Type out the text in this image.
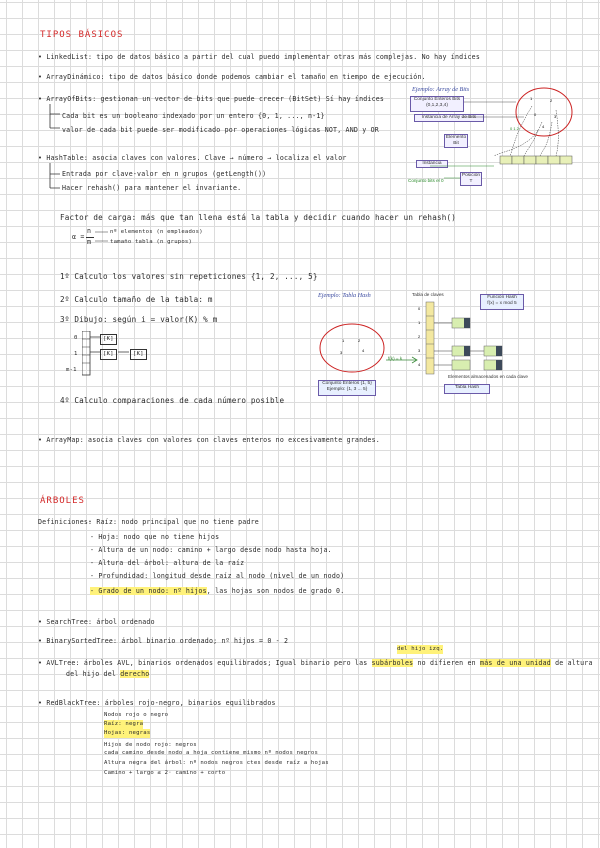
TIPOS BÁSICOS
• LinkedList: tipo de datos básico a partir del cual puedo implementar otras más complejas. No hay índices
• ArrayDinámico: tipo de datos básico donde podemos cambiar el tamaño en tiempo de ejecución.
• ArrayOfBits: gestionan un vector de bits que puede crecer (BitSet) Sí hay índices
Cada bit es un booleano indexado por un entero {0, 1, ..., n-1}
valor de cada bit puede ser modificado por operaciones lógicas NOT, AND y OR
• HashTable: asocia claves con valores. Clave → número → localiza el valor
Entrada por clave-valor en n grupos (getLength())
Hacer rehash() para mantener el invariante.
Factor de carga: más que tan llena está la tabla y decidir cuando hacer un rehash()
α =
n
m
nº elementos (n empleados)
tamaño tabla (n grupos)
1º Calculo los valores sin repeticiones {1, 2, ..., 5}
2º Calculo tamaño de la tabla: m
3º Dibujo: según i = valor(K) % m
0
1
m-1
[K]
[K]	[K]
4º Calculo comparaciones de cada número posible
• ArrayMap: asocia claves con valores con claves enteros no excesivamente grandes.
Ejemplo: Array de Bits
Conjunto Enteros Bits (0,1,2,3,4)
Instancia de Array de Bits
Elemento Bit
Instancia
Posición T
Conjunto bits el 0
1	2
0	3
4
0 1 2
Ejemplo: Tabla Hash	Tabla de claves
Función Hash
f(x) = x mod 5
f(k) = k
Conjunto Enteros {1, 5}
Ejemplo: {1, 3 ... 5}
Elementos almacenados en cada clave
Tabla Hash
1	2
3	4
0
1
2
3
4
ÁRBOLES
Definiciones:
- Raíz: nodo principal que no tiene padre
- Hoja: nodo que no tiene hijos
- Altura de un nodo: camino + largo desde nodo hasta hoja.
- Altura del árbol: altura de la raíz
- Profundidad: longitud desde raíz al nodo (nivel de un nodo)
- Grado de un nodo: nº hijos, las hojas son nodos de grado 0.
• SearchTree: árbol ordenado
• BinarySortedTree: árbol binario ordenado; nº hijos = 0 - 2
del hijo izq.
• AVLTree: árboles AVL, binarios ordenados equilibrados; Igual binario pero las subárboles no difieren en más de una unidad de altura
del hijo del derecho
• RedBlackTree: árboles rojo-negro, binarios equilibrados
Nodos rojo o negro
Raíz: negra
Hojas: negras
Hijos de nodo rojo: negros
cada camino desde nodo a hoja contiene mismo nº nodos negros
Altura negra del árbol: nº nodos negros ctes desde raíz a hojas
Camino + largo ≤ 2· camino + corto
